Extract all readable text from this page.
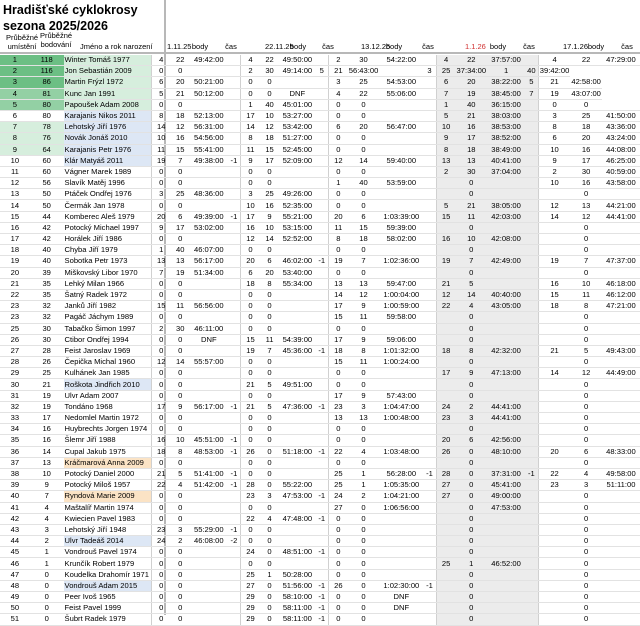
Hradišťské cyklokrosy
sezona 2025/2026
Průběžné
umístění
Průběžné
bodování	Jméno a rok narození 1.11.25 body	čas	22.11.25
body	čas	13.12.25
body	čas	1.1.26 body	čas	17.1.26 body	čas
1	118	Winter Tomáš 1977	4	22	49:42:00		4	22	49:50:00		2	30	54:22:00		4	22	37:57:00		4	22	47:29:00
2	116	Jon Sebastián 2009	0	0			2	30	49:14:00	5	21	56:43:00		3	25	37:34:00	1	40	39:42:00		
3	86	Martin Frýzl 1972	6	20	50:21:00		0	0			3	25	54:53:00		6	20	38:22:00	5	21	42:58:00	
4	81	Kunc Jan 1991	5	21	50:12:00		0	0	DNF		4	22	55:06:00		7	19	38:45:00	7	19	43:07:00	
5	80	Papoušek Adam 2008	0	0			1	40	45:01:00		0	0			1	40	36:15:00		0	0	
6	80	Karajanis Nikos 2011	8	18	52:13:00		17	10	53:27:00		0	0			5	21	38:03:00		3	25	41:50:00
7	78	Lehotský Jiří 1976	14	12	56:31:00		14	12	53:42:00		6	20	56:47:00		10	16	38:53:00		8	18	43:36:00
8	76	Novák Jonáš 2010	10	16	54:56:00		8	18	51:27:00		0	0			9	17	38:52:00		6	20	43:24:00
9	64	Karajanis Petr 1976	11	15	55:41:00		11	15	52:45:00		0	0			8	18	38:49:00		10	16	44:08:00
10	60	Klár Matyáš 2011	19	7	49:38:00	-1	9	17	52:09:00		12	14	59:40:00		13	13	40:41:00		9	17	46:25:00
11	60	Vágner Marek 1989	0	0			0	0			0	0			2	30	37:04:00		2	30	40:59:00
12	56	Slavík Matěj 1996	0	0			0	0			1	40	53:59:00			0			10	16	43:58:00
13	50	Ptáček Ondřej 1976	3	25	48:36:00		3	25	49:26:00		0	0				0				0	
14	50	Čermák Jan 1978	0	0			10	16	52:35:00		0	0			5	21	38:05:00		12	13	44:21:00
15	44	Komberec Aleš 1979	20	6	49:39:00	-1	17	9	55:21:00		20	6	1:03:39:00		15	11	42:03:00		14	12	44:41:00
16	42	Potocký Michael 1997	9	17	53:02:00		16	10	53:15:00		11	15	59:39:00			0				0	
17	42	Horálek Jiří 1986	0	0			12	14	52:52:00		8	18	58:02:00		16	10	42:08:00			0	
18	40	Chyba Jiří 1979	1	40	46:07:00		0	0			0	0				0				0	
19	40	Sobotka Petr 1973	13	13	56:17:00		20	6	46:02:00	-1	19	7	1:02:36:00		19	7	42:49:00		19	7	47:37:00
20	39	Miškovský Libor 1970	7	19	51:34:00		6	20	53:40:00		0	0				0				0	
21	35	Lehký Milan 1966	0	0			18	8	55:34:00		13	13	59:47:00		21	5			16	10	46:18:00
22	35	Šatný Radek 1972	0	0			0	0			14	12	1:00:04:00		12	14	40:40:00		15	11	46:12:00
23	32	Janků Jiří 1982	15	11	56:56:00		0	0			17	9	1:00:59:00		22	4	43:05:00		18	8	47:21:00
23	32	Pagáč Jáchym 1989	0	0			0	0			15	11	59:58:00			0				0	
25	30	Tabačko Šimon 1997	2	30	46:11:00		0	0			0	0				0				0	
26	30	Ctibor Ondřej 1994	0	0	DNF		15	11	54:39:00		17	9	59:06:00			0				0	
27	28	Feist Jaroslav 1969	0	0			19	7	45:36:00	-1	18	8	1:01:32:00		18	8	42:32:00		21	5	49:43:00
28	26	Čepička Michal 1960	12	14	55:57:00		0	0			15	11	1:00:24:00			0				0	
29	25	Kulhánek Jan 1985	0	0			0	0			0	0			17	9	47:13:00		14	12	44:49:00
30	21	Roškota Jindřich 2010	0	0			21	5	49:51:00		0	0				0				0	
31	19	Ulvr Adam 2007	0	0			0	0			17	9	57:43:00			0				0	
32	19	Tondáno 1968	17	9	56:17:00	-1	21	5	47:36:00	-1	23	3	1:04:47:00		24	2	44:41:00			0	
33	17	Nedomlel Martin 1972	0	0			0	0			13	13	1:00:48:00		23	3	44:41:00			0	
34	16	Huybrechts Jorgen 1974	0	0			0	0			0	0				0				0	
35	16	Šlemr Jiří 1988	16	10	45:51:00	-1	0	0			0	0			20	6	42:56:00			0	
36	14	Cupal Jakub 1975	18	8	48:53:00	-1	26	0	51:18:00	-1	22	4	1:03:48:00		26	0	48:10:00		20	6	48:33:00
37	13	Kráčmarová Anna 2009	0	0			0	0			0	0				0				0	
38	10	Potocký Daniel 2000	21	5	51:41:00	-1	0	0			25	1	56:28:00	-1	28	0	37:31:00	-1	22	4	49:58:00
39	9	Potocký Miloš 1957	22	4	51:42:00	-1	28	0	55:22:00		25	1	1:05:35:00		27	0	45:41:00		23	3	51:11:00
40	7	Ryndová Marie 2009	0	0			23	3	47:53:00	-1	24	2	1:04:21:00		27	0	49:00:00			0	
41	4	Maštalíř Martin 1974	0	0			0	0			27	0	1:06:56:00			0	47:53:00			0	
42	4	Kwiecien Pavel 1983	0	0			22	4	47:48:00	-1	0	0				0				0	
43	3	Lehotský Jiří 1948	23	3	55:29:00	-1	0	0			0	0				0				0	
44	2	Ulvr Tadeáš 2014	24	2	46:08:00	-2	0	0			0	0				0				0	
45	1	Vondrouš Pavel 1974	0	0			24	0	48:51:00	-1	0	0				0				0	
46	1	Krunčík Robert 1979	0	0			0	0			0	0			25	1	46:52:00			0	
47	0	Koudelka Drahomír 1971	0	0			25	1	50:28:00		0	0				0				0	
48	0	Vondrouš Adam 2015	0	0			27	0	51:56:00	-1	26	0	1:02:30:00	-1		0				0	
49	0	Peer Ivoš 1965	0	0			29	0	58:10:00	-1	0	0	DNF			0				0	
50	0	Feist Pavel 1999	0	0			29	0	58:11:00	-1	0	0	DNF			0				0	
51	0	Šubrt Radek 1979	0	0			29	0	58:11:00	-1	0	0				0				0	
